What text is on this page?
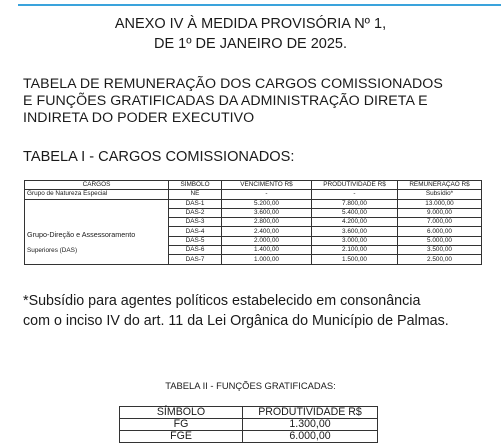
ANEXO IV À MEDIDA PROVISÓRIA Nº 1,
DE 1º DE JANEIRO DE 2025.
TABELA DE REMUNERAÇÃO DOS CARGOS COMISSIONADOS
E FUNÇÕES GRATIFICADAS DA ADMINISTRAÇÃO DIRETA E
INDIRETA DO PODER EXECUTIVO
TABELA I - CARGOS COMISSIONADOS:
CARGOS	SÍMBOLO	VENCIMENTO R$	PRODUTIVIDADE R$	REMUNERAÇÃO R$
Grupo de Natureza Especial	NE	-	-	Subsídio*

Grupo-Direção e Assessoramento
Superiores (DAS)	DAS-1	5.200,00	7.800,00	13.000,00
	DAS-2	3.600,00	5.400,00	9.000,00
	DAS-3	2.800,00	4.200,00	7.000,00
	DAS-4	2.400,00	3.600,00	6.000,00
	DAS-5	2.000,00	3.000,00	5.000,00
	DAS-6	1.400,00	2.100,00	3.500,00
	DAS-7	1.000,00	1.500,00	2.500,00
*Subsídio para agentes políticos estabelecido em consonância
com o inciso IV do art. 11 da Lei Orgânica do Município de Palmas.
TABELA II - FUNÇÕES GRATIFICADAS:
SÍMBOLO	PRODUTIVIDADE R$
FG	1.300,00
FGE	6.000,00
